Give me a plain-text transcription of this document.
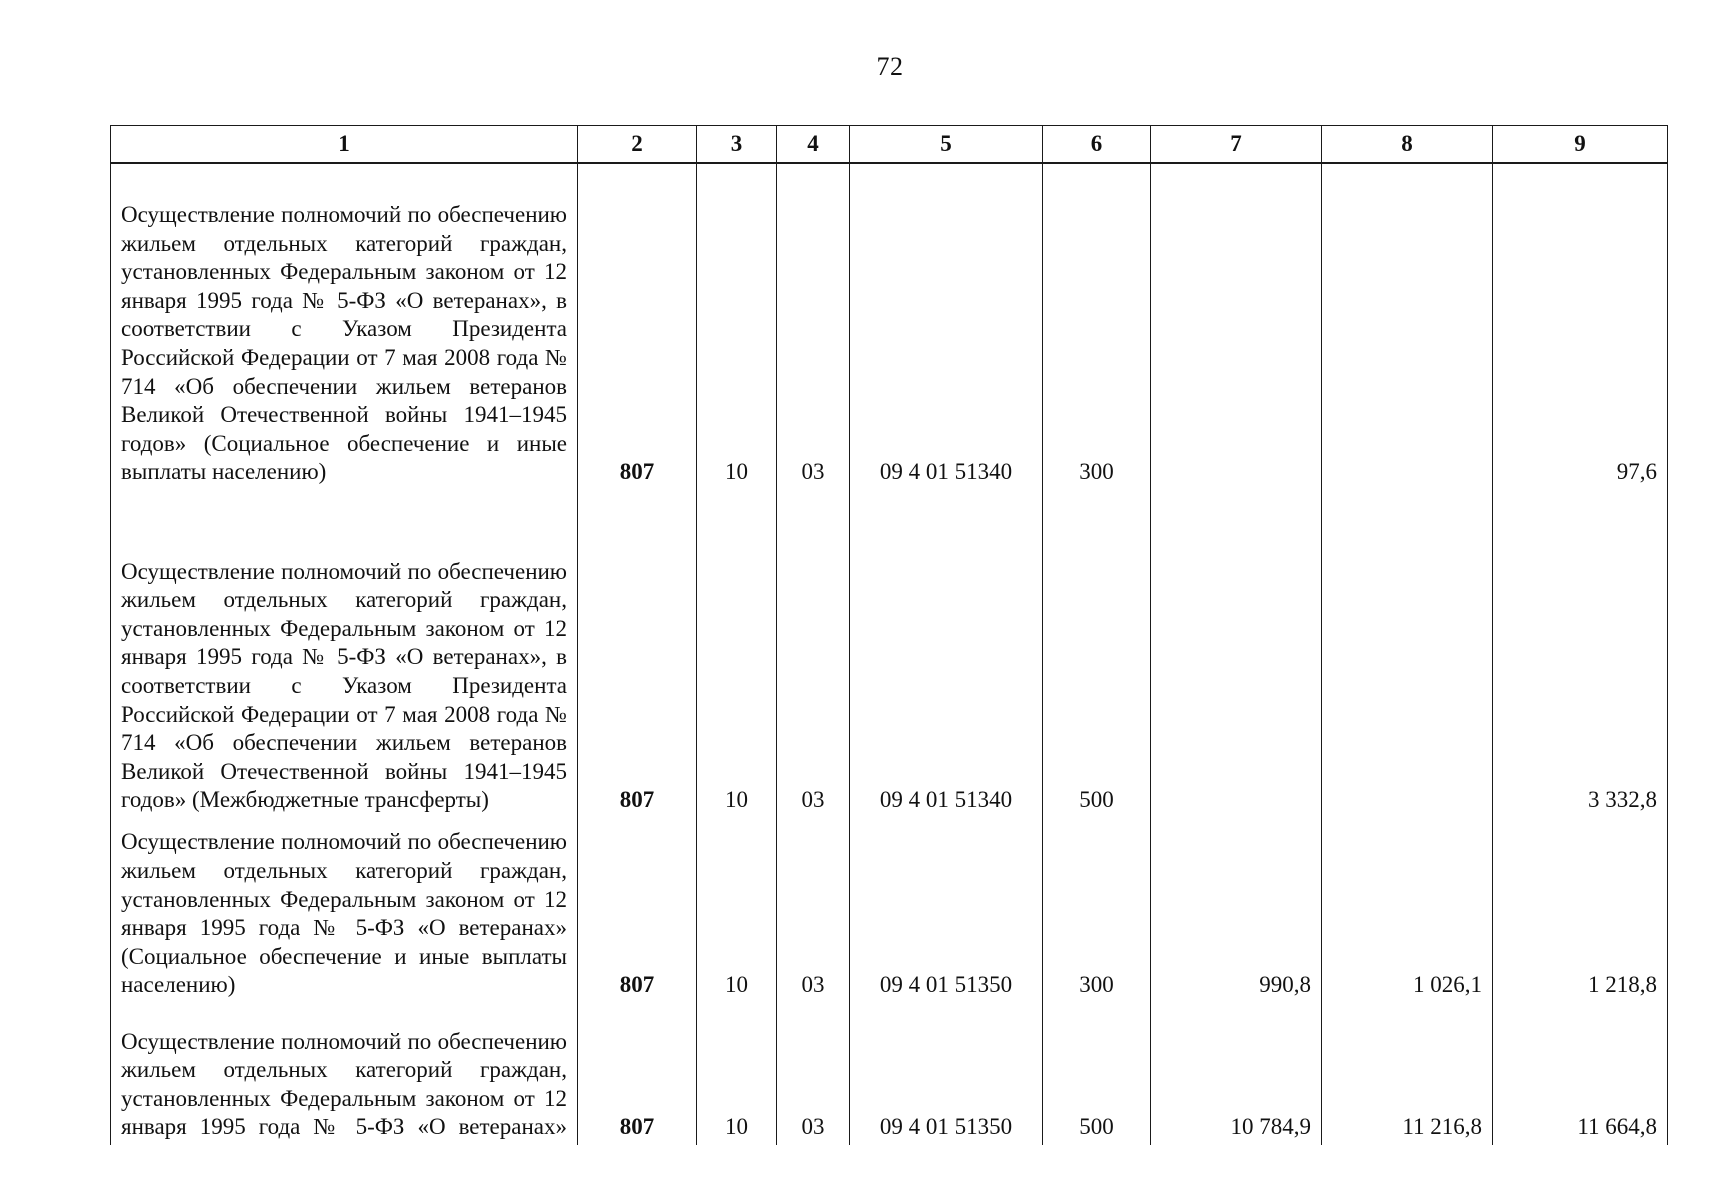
72
1	2	3	4	5	6	7	8	9
Осуществление полномочий по обеспечению жильем отдельных категорий граждан, установленных Федеральным законом от 12 января 1995 года № 5-ФЗ «О ветеранах», в соответствии с Указом Президента Российской Федерации от 7 мая 2008 года № 714 «Об обеспечении жильем ветеранов Великой Отечественной войны 1941–1945 годов» (Социальное обеспечение и иные выплаты населению)	807	10	03	09 4 01 51340	300			97,6
Осуществление полномочий по обеспечению жильем отдельных категорий граждан, установленных Федеральным законом от 12 января 1995 года № 5-ФЗ «О ветеранах», в соответствии с Указом Президента Российской Федерации от 7 мая 2008 года № 714 «Об обеспечении жильем ветеранов Великой Отечественной войны 1941–1945 годов» (Межбюджетные трансферты)	807	10	03	09 4 01 51340	500			3 332,8
Осуществление полномочий по обеспечению жильем отдельных категорий граждан, установленных Федеральным законом от 12 января 1995 года № 5-ФЗ «О ветеранах» (Социальное обеспечение и иные выплаты населению)	807	10	03	09 4 01 51350	300	990,8	1 026,1	1 218,8
Осуществление полномочий по обеспечению жильем отдельных категорий граждан, установленных Федеральным законом от 12 января 1995 года № 5-ФЗ «О ветеранах»	807	10	03	09 4 01 51350	500	10 784,9	11 216,8	11 664,8
